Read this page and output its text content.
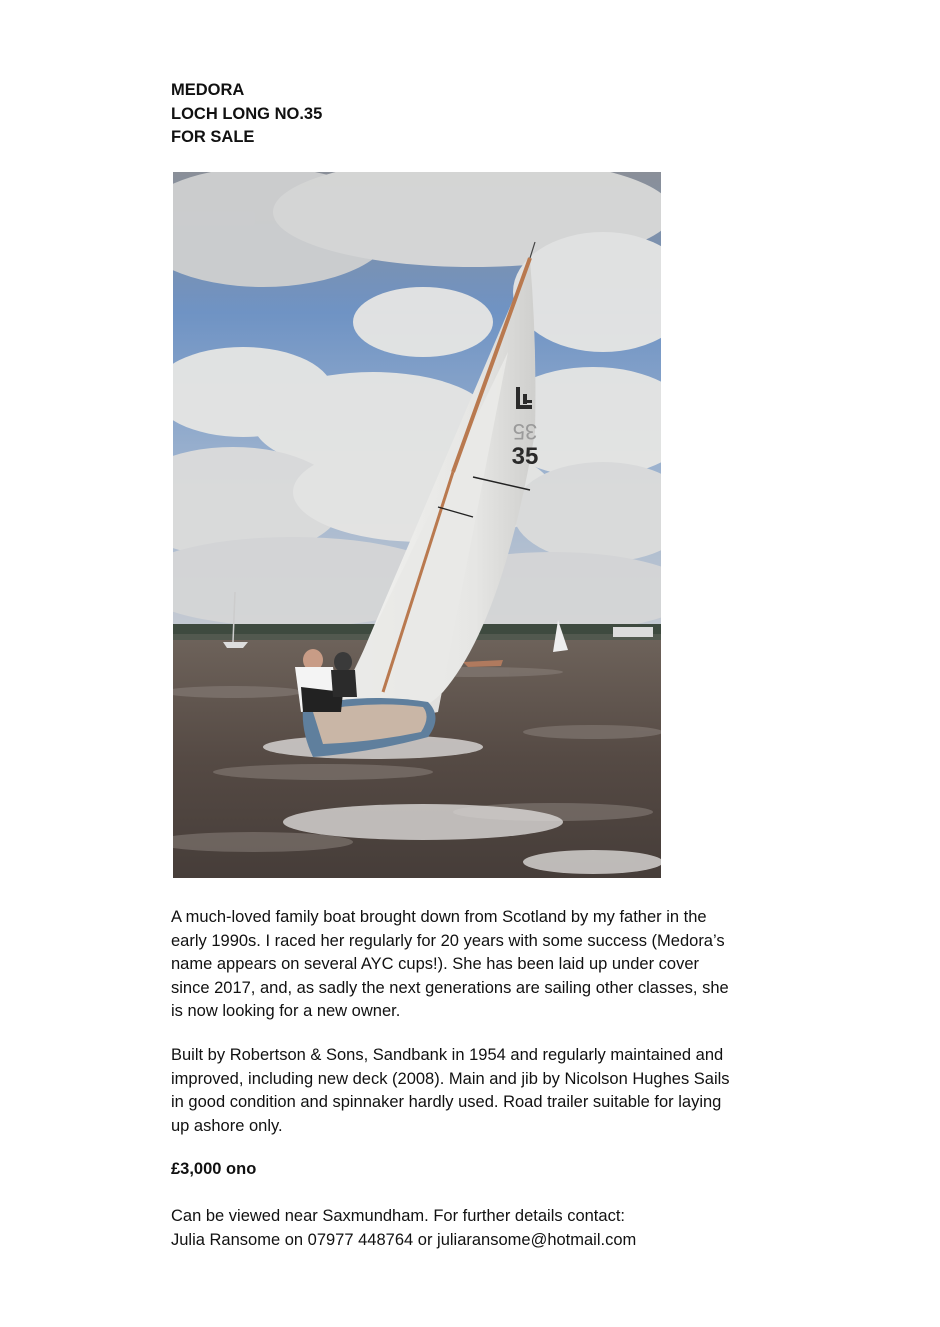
MEDORA
LOCH LONG NO.35
FOR SALE
35
35
A much-loved family boat brought down from Scotland by my father in the
early 1990s. I raced her regularly for 20 years with some success (Medora’s
name appears on several AYC cups!). She has been laid up under cover
since 2017, and, as sadly the next generations are sailing other classes, she
is now looking for a new owner.
Built by Robertson & Sons, Sandbank in 1954 and regularly maintained and
improved, including new deck (2008). Main and jib by Nicolson Hughes Sails
in good condition and spinnaker hardly used. Road trailer suitable for laying
up ashore only.
£3,000 ono
Can be viewed near Saxmundham. For further details contact:
Julia Ransome on 07977 448764 or juliaransome@hotmail.com
